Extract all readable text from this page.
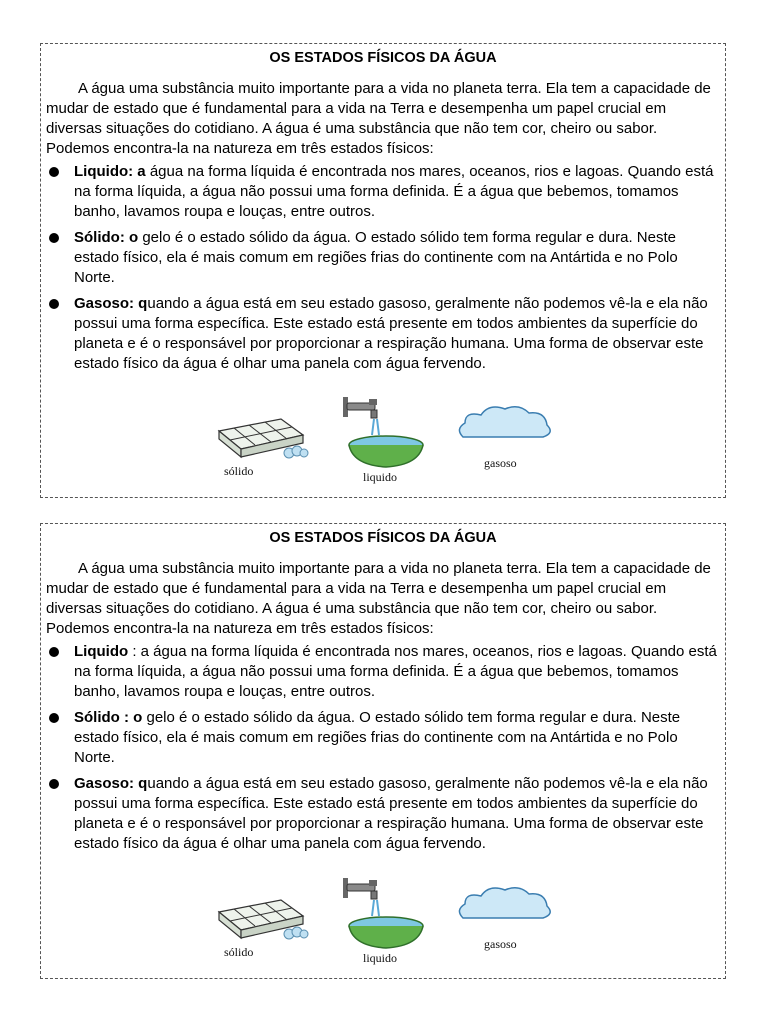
OS ESTADOS FÍSICOS DA ÁGUA

A água uma substância muito importante para a vida no planeta terra. Ela tem a capacidade de mudar de estado que é fundamental para a vida na Terra e desempenha um papel crucial em diversas situações do cotidiano. A água é uma substância que não tem cor, cheiro ou sabor. Podemos encontra-la na natureza em três estados físicos:

Liquido: a água na forma líquida é encontrada nos mares, oceanos, rios e lagoas. Quando está na forma líquida, a água não possui uma forma definida. É a água que bebemos, tomamos banho, lavamos roupa e louças, entre outros.
Sólido: o gelo é o estado sólido da água. O estado sólido tem forma regular e dura. Neste estado físico, ela é mais comum em regiões frias do continente com na Antártida e no Polo Norte.
Gasoso: quando a água está em seu estado gasoso, geralmente não podemos vê-la e ela não possui uma forma específica. Este estado está presente em todos ambientes da superfície do planeta e é o responsável por proporcionar a respiração humana. Uma forma de observar este estado físico da água é olhar uma panela com água fervendo.
sólido	liquido
gasoso
OS ESTADOS FÍSICOS DA ÁGUA

A água uma substância muito importante para a vida no planeta terra. Ela tem a capacidade de mudar de estado que é fundamental para a vida na Terra e desempenha um papel crucial em diversas situações do cotidiano. A água é uma substância que não tem cor, cheiro ou sabor. Podemos encontra-la na natureza em três estados físicos:

Liquido : a água na forma líquida é encontrada nos mares, oceanos, rios e lagoas. Quando está na forma líquida, a água não possui uma forma definida. É a água que bebemos, tomamos banho, lavamos roupa e louças, entre outros.
Sólido : o gelo é o estado sólido da água. O estado sólido tem forma regular e dura. Neste estado físico, ela é mais comum em regiões frias do continente com na Antártida e no Polo Norte.
Gasoso: quando a água está em seu estado gasoso, geralmente não podemos vê-la e ela não possui uma forma específica. Este estado está presente em todos ambientes da superfície do planeta e é o responsável por proporcionar a respiração humana. Uma forma de observar este estado físico da água é olhar uma panela com água fervendo.
sólido	liquido
gasoso
